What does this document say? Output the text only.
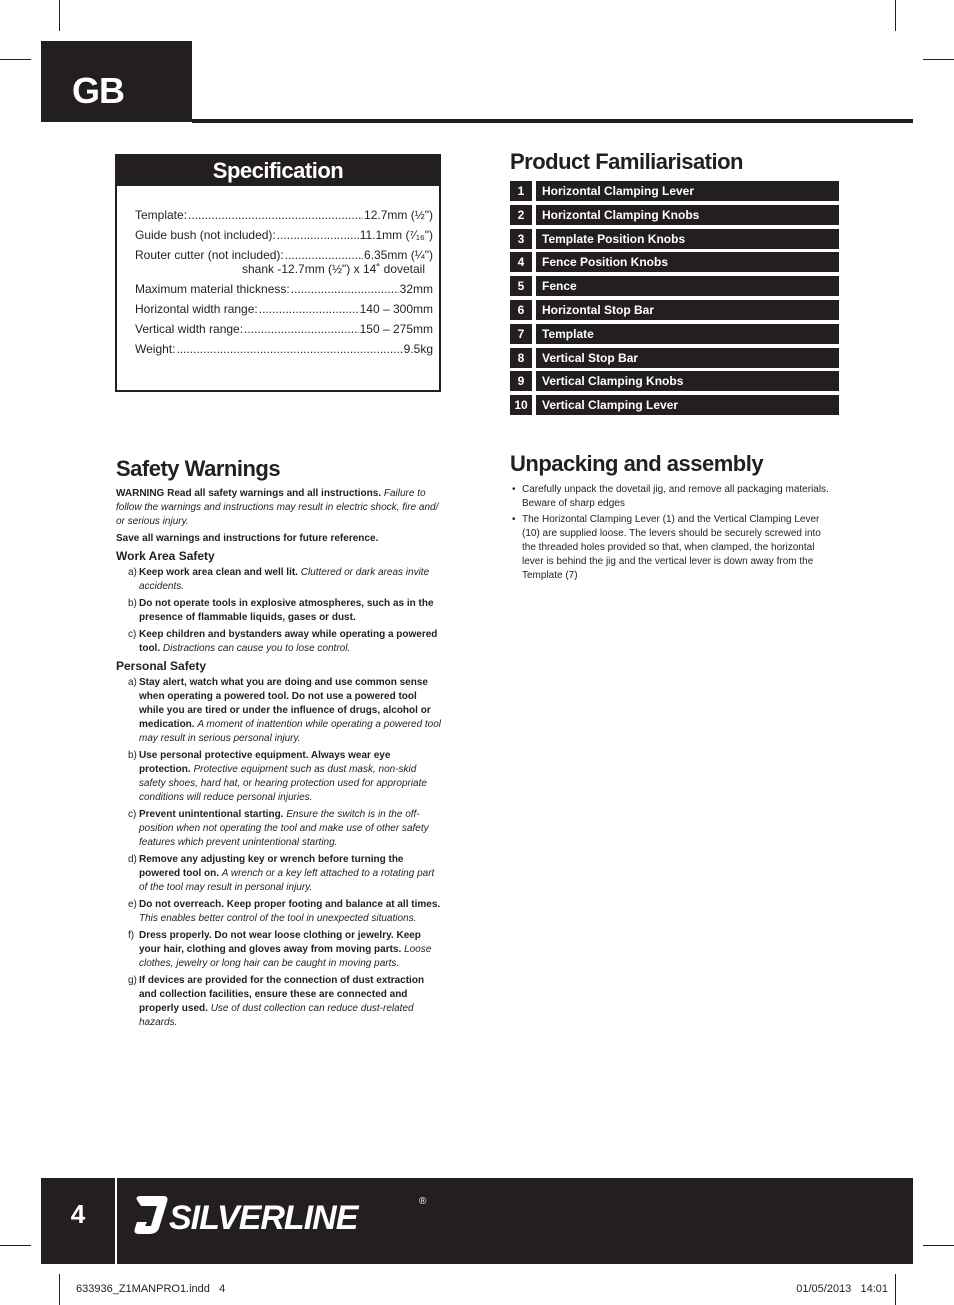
GB
Specification
Template: .....	12.7mm (½")
Guide bush (not included): .....	11.1mm (⁷⁄₁₆")
Router cutter (not included): .....	6.35mm (¼")
shank -12.7mm (½") x 14˚ dovetail
Maximum material thickness: .....	32mm
Horizontal width range: .....	140 – 300mm
Vertical width range: .....	150 – 275mm
Weight: .....	9.5kg
Product Familiarisation
1	Horizontal Clamping Lever
2	Horizontal Clamping Knobs
3	Template Position Knobs
4	Fence Position Knobs
5	Fence
6	Horizontal Stop Bar
7	Template
8	Vertical Stop Bar
9	Vertical Clamping Knobs
10	Vertical Clamping Lever
Safety Warnings

WARNING Read all safety warnings and all instructions. Failure to follow the warnings and instructions may result in electric shock, fire and/ or serious injury.

Save all warnings and instructions for future reference.

Work Area Safety
a) Keep work area clean and well lit. Cluttered or dark areas invite accidents.
b) Do not operate tools in explosive atmospheres, such as in the presence of flammable liquids, gases or dust.
c) Keep children and bystanders away while operating a powered tool. Distractions can cause you to lose control.
Personal Safety
a) Stay alert, watch what you are doing and use common sense when operating a powered tool. Do not use a powered tool while you are tired or under the influence of drugs, alcohol or medication. A moment of inattention while operating a powered tool may result in serious personal injury.
b) Use personal protective equipment. Always wear eye protection. Protective equipment such as dust mask, non-skid safety shoes, hard hat, or hearing protection used for appropriate conditions will reduce personal injuries.
c) Prevent unintentional starting. Ensure the switch is in the off-position when not operating the tool and make use of other safety features which prevent unintentional starting.
d) Remove any adjusting key or wrench before turning the powered tool on. A wrench or a key left attached to a rotating part of the tool may result in personal injury.
e) Do not overreach. Keep proper footing and balance at all times. This enables better control of the tool in unexpected situations.
f) Dress properly. Do not wear loose clothing or jewelry. Keep your hair, clothing and gloves away from moving parts. Loose clothes, jewelry or long hair can be caught in moving parts.
g) If devices are provided for the connection of dust extraction and collection facilities, ensure these are connected and properly used. Use of dust collection can reduce dust-related hazards.
Unpacking and assembly
• Carefully unpack the dovetail jig, and remove all packaging materials. Beware of sharp edges
• The Horizontal Clamping Lever (1) and the Vertical Clamping Lever (10) are supplied loose. The levers should be securely screwed into the threaded holes provided so that, when clamped, the horizontal lever is behind the jig and the vertical lever is down away from the Template (7)
4	SILVERLINE	®
633936_Z1MANPRO1.indd   4	01/05/2013   14:01
